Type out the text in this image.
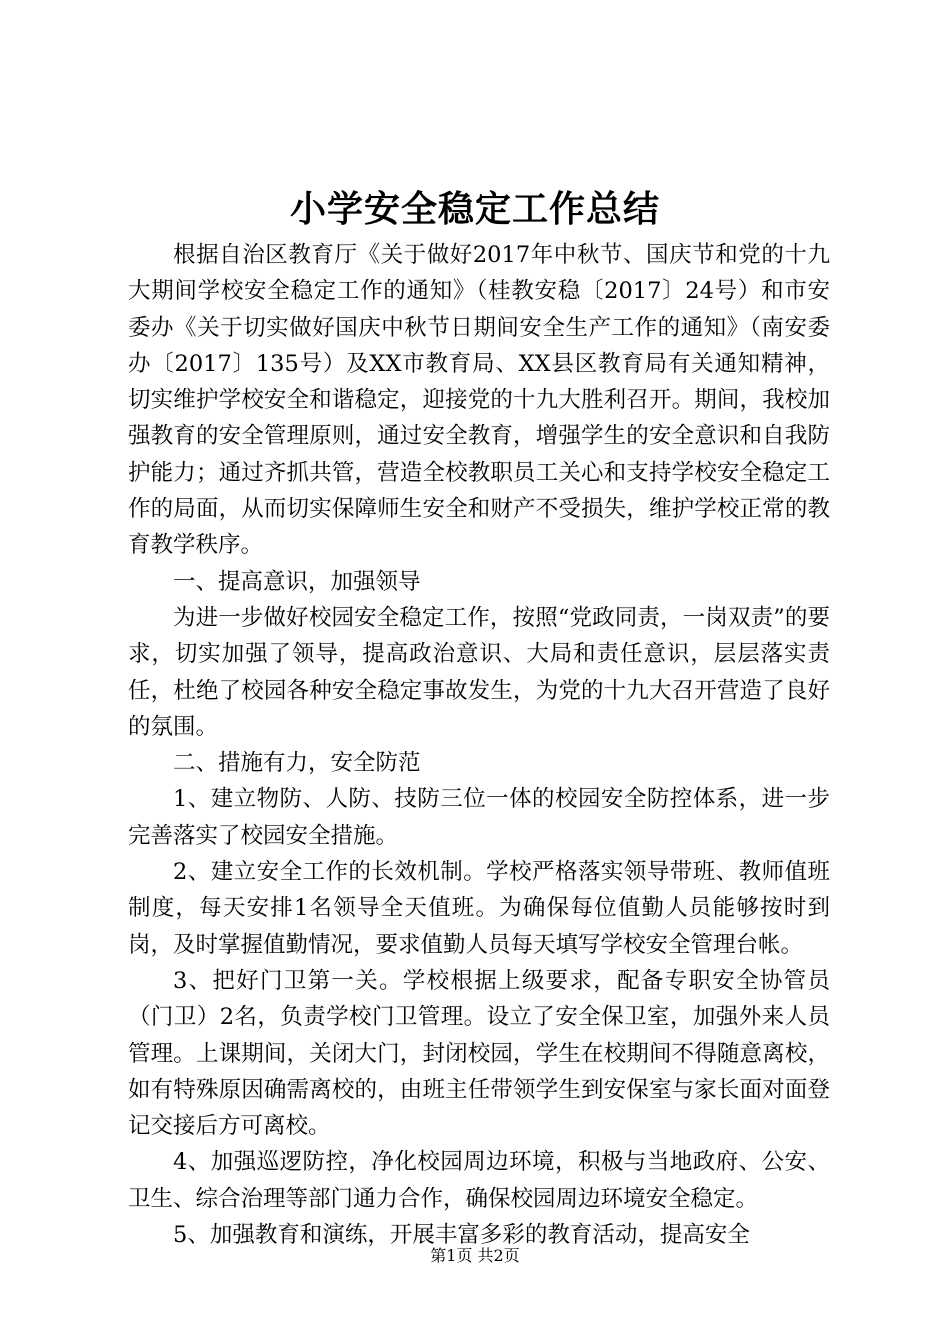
小学安全稳定工作总结

根据自治区教育厅《关于做好2017年中秋节、国庆节和党的十九大期间学校安全稳定工作的通知》（桂教安稳〔2017〕24号）和市安委办《关于切实做好国庆中秋节日期间安全生产工作的通知》（南安委办〔2017〕135号）及XX市教育局、XX县区教育局有关通知精神，切实维护学校安全和谐稳定，迎接党的十九大胜利召开。期间，我校加强教育的安全管理原则，通过安全教育，增强学生的安全意识和自我防护能力；通过齐抓共管，营造全校教职员工关心和支持学校安全稳定工作的局面，从而切实保障师生安全和财产不受损失，维护学校正常的教育教学秩序。

一、提高意识，加强领导

为进一步做好校园安全稳定工作，按照“党政同责，一岗双责”的要求，切实加强了领导，提高政治意识、大局和责任意识，层层落实责任，杜绝了校园各种安全稳定事故发生，为党的十九大召开营造了良好的氛围。

二、措施有力，安全防范

1、建立物防、人防、技防三位一体的校园安全防控体系，进一步完善落实了校园安全措施。

2、建立安全工作的长效机制。学校严格落实领导带班、教师值班制度，每天安排1名领导全天值班。为确保每位值勤人员能够按时到岗，及时掌握值勤情况，要求值勤人员每天填写学校安全管理台帐。

3、把好门卫第一关。学校根据上级要求，配备专职安全协管员（门卫）2名，负责学校门卫管理。设立了安全保卫室，加强外来人员管理。上课期间，关闭大门，封闭校园，学生在校期间不得随意离校，如有特殊原因确需离校的，由班主任带领学生到安保室与家长面对面登记交接后方可离校。

4、加强巡逻防控，净化校园周边环境，积极与当地政府、公安、卫生、综合治理等部门通力合作，确保校园周边环境安全稳定。

5、加强教育和演练，开展丰富多彩的教育活动，提高安全

第1页 共2页
